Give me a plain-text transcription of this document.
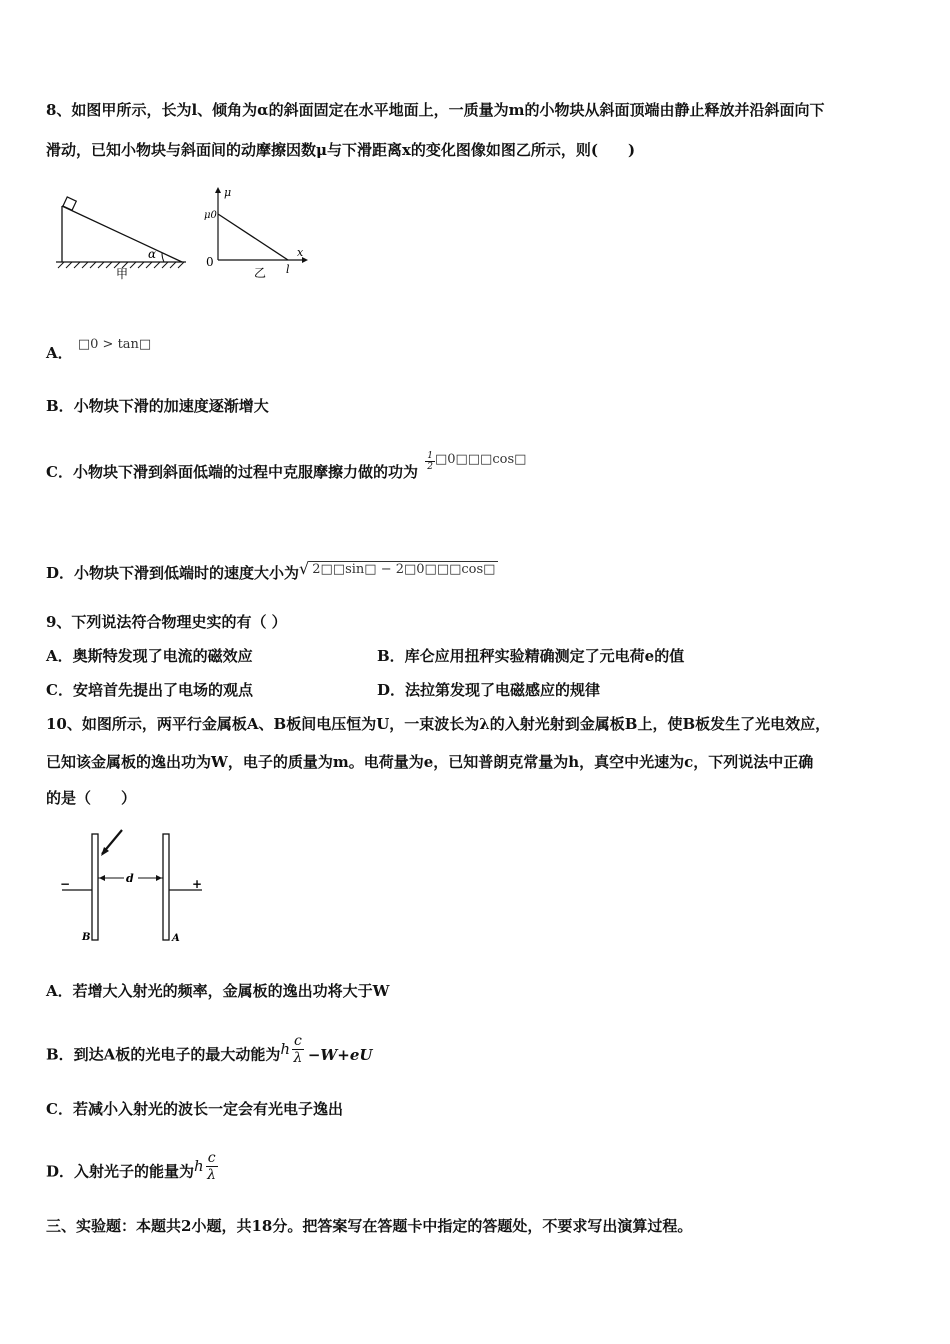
8、如图甲所示，长为l、倾角为α的斜面固定在水平地面上，一质量为m的小物块从斜面顶端由静止释放并沿斜面向下
滑动，已知小物块与斜面间的动摩擦因数μ与下滑距离x的变化图像如图乙所示，则(　　)
α
甲
μ
μ0
0
x
l
乙
A． □0 > tan□
B．小物块下滑的加速度逐渐增大
C．小物块下滑到斜面低端的过程中克服摩擦力做的功为
$\frac{1}{2}$ □0□□□cos□
D．小物块下滑到低端时的速度大小为√ 2□□sin□ − 2□0□□□cos□
9、下列说法符合物理史实的有（ ）
A．奥斯特发现了电流的磁效应	B．库仑应用扭秤实验精确测定了元电荷e的值
C．安培首先提出了电场的观点	D．法拉第发现了电磁感应的规律
10、如图所示，两平行金属板A、B板间电压恒为U，一束波长为λ的入射光射到金属板B上，使B板发生了光电效应，
已知该金属板的逸出功为W，电子的质量为m。电荷量为e，已知普朗克常量为h，真空中光速为c，下列说法中正确
的是（　　）
d
−	+
B	A
A．若增大入射光的频率，金属板的逸出功将大于W
B．到达A板的光电子的最大动能为h $\frac{c}{\lambda} -W+eU$
C．若减小入射光的波长一定会有光电子逸出
D．入射光子的能量为h $\frac{c}{\lambda}$
三、实验题：本题共2小题，共18分。把答案写在答题卡中指定的答题处，不要求写出演算过程。
